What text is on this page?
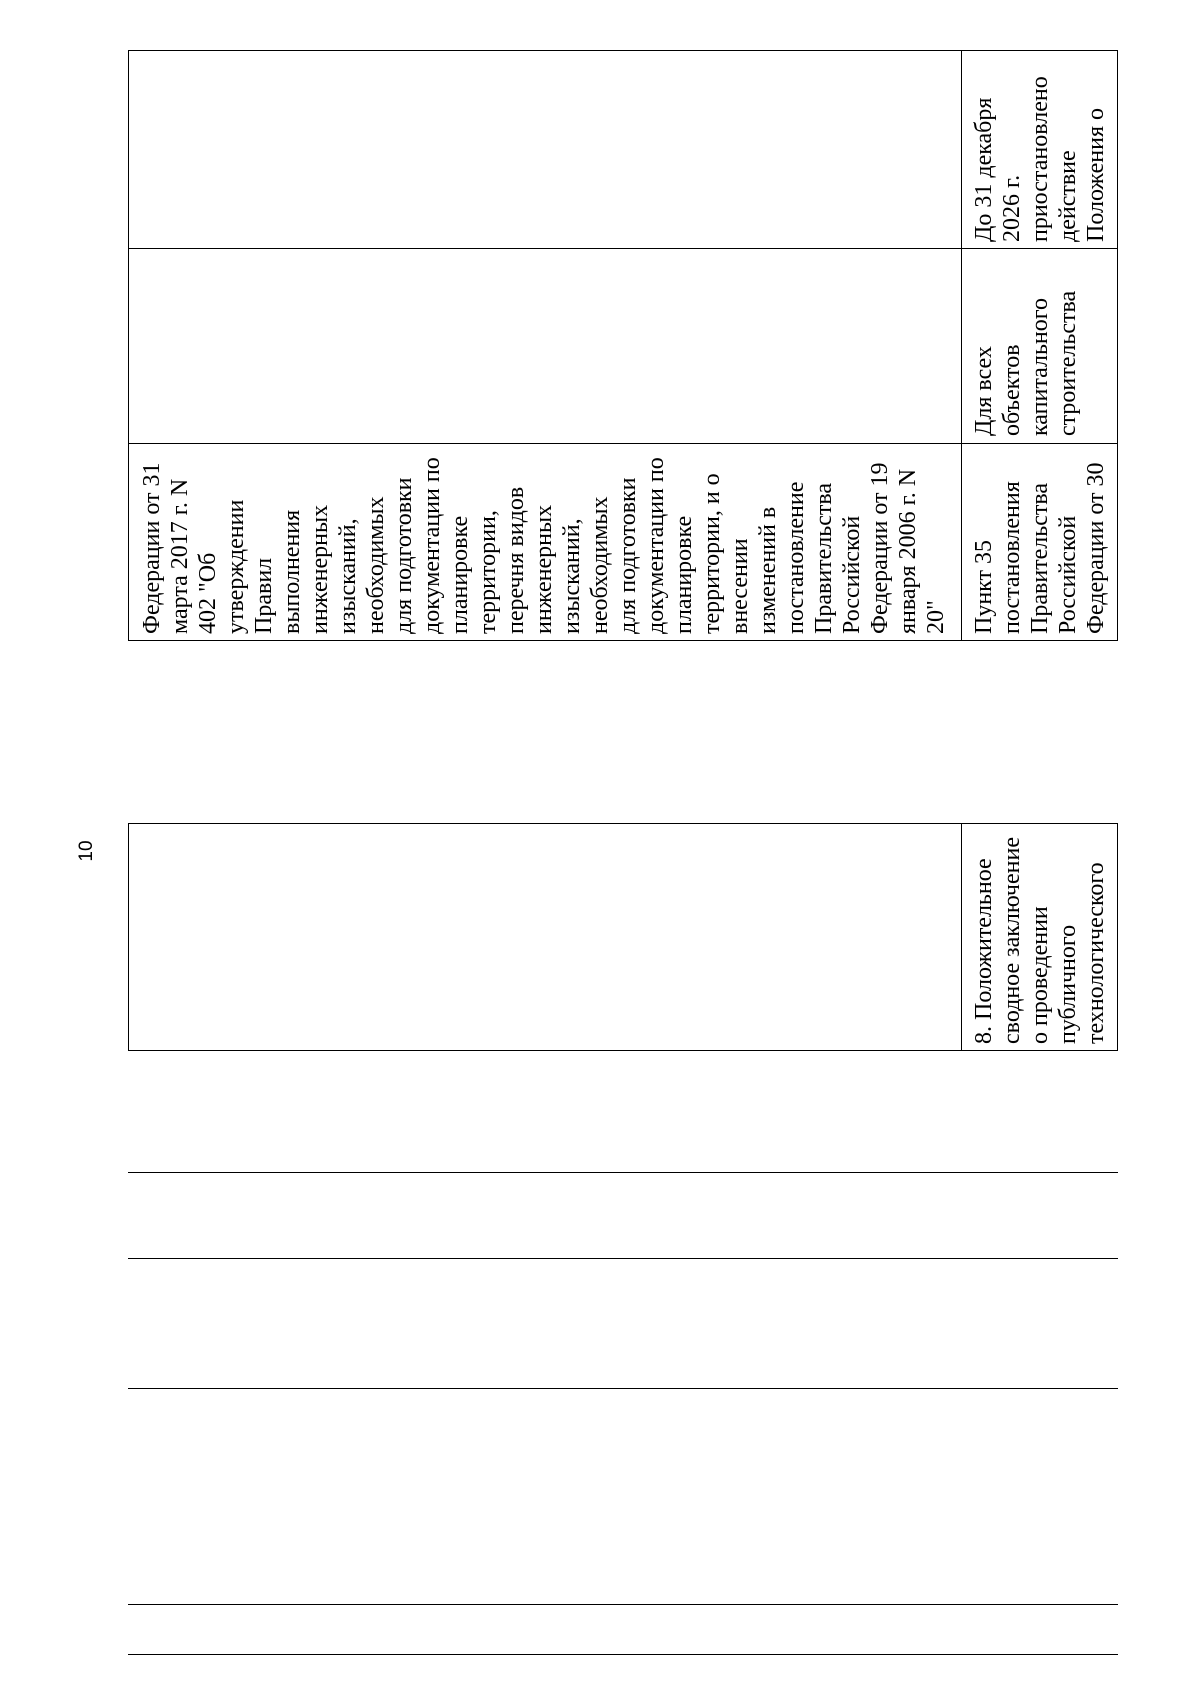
10
Федерации от 31
марта 2017 г. N
402 "Об
утверждении
Правил
выполнения
инженерных
изысканий,
необходимых
для подготовки
документации по
планировке
территории,
перечня видов
инженерных
изысканий,
необходимых
для подготовки
документации по
планировке
территории, и о
внесении
изменений в
постановление
Правительства
Российской
Федерации от 19
января 2006 г. N
20" Пункт 35
постановления
Правительства
Российской
Федерации от 30
Для всех
объектов
капитального
строительства
До 31 декабря
2026 г.
приостановлено
действие
Положения о
8. Положительное
сводное заключение
о проведении
публичного
технологического
